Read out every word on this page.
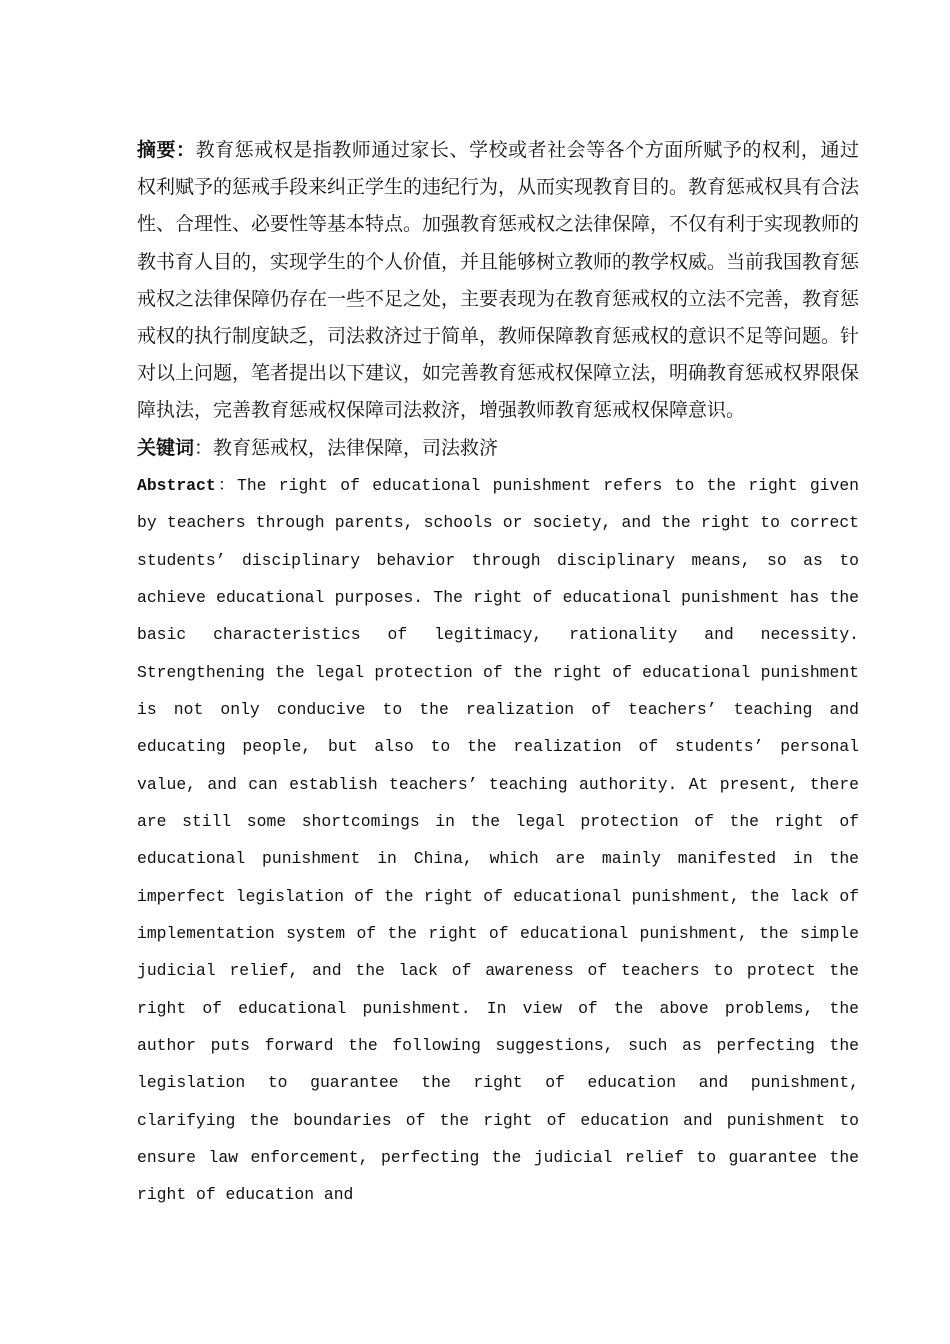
摘要：教育惩戒权是指教师通过家长、学校或者社会等各个方面所赋予的权利，通过权利赋予的惩戒手段来纠正学生的违纪行为，从而实现教育目的。教育惩戒权具有合法性、合理性、必要性等基本特点。加强教育惩戒权之法律保障，不仅有利于实现教师的教书育人目的，实现学生的个人价值，并且能够树立教师的教学权威。当前我国教育惩戒权之法律保障仍存在一些不足之处，主要表现为在教育惩戒权的立法不完善，教育惩戒权的执行制度缺乏，司法救济过于简单，教师保障教育惩戒权的意识不足等问题。针对以上问题，笔者提出以下建议，如完善教育惩戒权保障立法，明确教育惩戒权界限保障执法，完善教育惩戒权保障司法救济，增强教师教育惩戒权保障意识。

关键词：教育惩戒权，法律保障，司法救济

Abstract：The right of educational punishment refers to the right given by teachers through parents, schools or society, and the right to correct students’ disciplinary behavior through disciplinary means, so as to achieve educational purposes. The right of educational punishment has the basic characteristics of legitimacy, rationality and necessity. Strengthening the legal protection of the right of educational punishment is not only conducive to the realization of teachers’ teaching and educating people, but also to the realization of students’ personal value, and can establish teachers’ teaching authority. At present, there are still some shortcomings in the legal protection of the right of educational punishment in China, which are mainly manifested in the imperfect legislation of the right of educational punishment, the lack of implementation system of the right of educational punishment, the simple judicial relief, and the lack of awareness of teachers to protect the right of educational punishment. In view of the above problems, the author puts forward the following suggestions, such as perfecting the legislation to guarantee the right of education and punishment, clarifying the boundaries of the right of education and punishment to ensure law enforcement, perfecting the judicial relief to guarantee the right of education and
